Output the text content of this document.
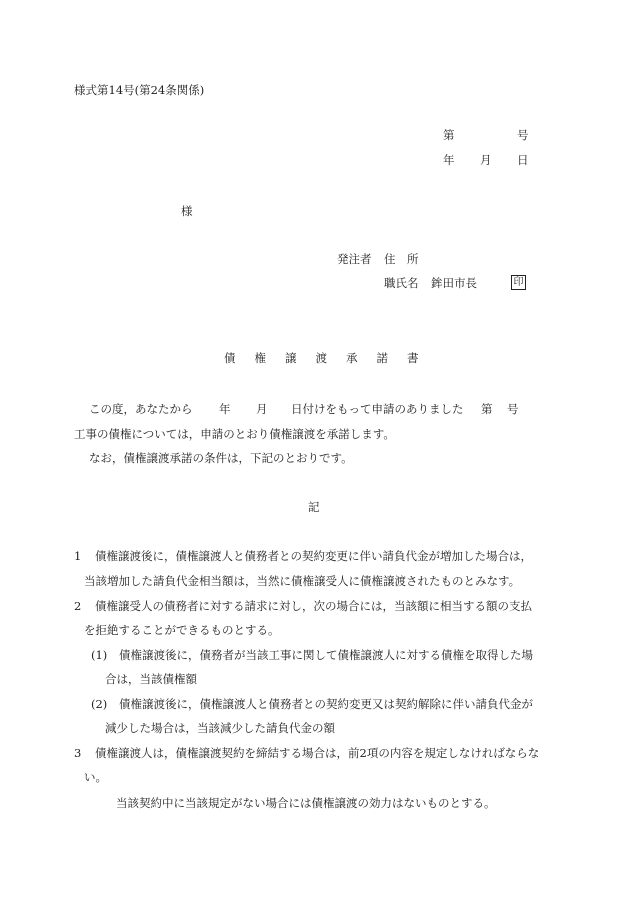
様式第14号(第24条関係)
第	号
年 月 日
様
発注者 住　所
職氏名 鉾田市長	印
債 権 譲 渡 承 諾 書
この度，あなたから 年 月 日付けをもって申請のありました 第 号
工事の債権については，申請のとおり債権譲渡を承諾します。
なお，債権譲渡承諾の条件は，下記のとおりです。
記
1 債権譲渡後に，債権譲渡人と債務者との契約変更に伴い請負代金が増加した場合は，
当該増加した請負代金相当額は，当然に債権譲受人に債権譲渡されたものとみなす。
2 債権譲受人の債務者に対する請求に対し，次の場合には，当該額に相当する額の支払
を拒絶することができるものとする。
(1) 債権譲渡後に，債務者が当該工事に関して債権譲渡人に対する債権を取得した場
合は，当該債権額
(2) 債権譲渡後に，債権譲渡人と債務者との契約変更又は契約解除に伴い請負代金が
減少した場合は，当該減少した請負代金の額
3 債権譲渡人は，債権譲渡契約を締結する場合は，前2項の内容を規定しなければならな
い。
当該契約中に当該規定がない場合には債権譲渡の効力はないものとする。
